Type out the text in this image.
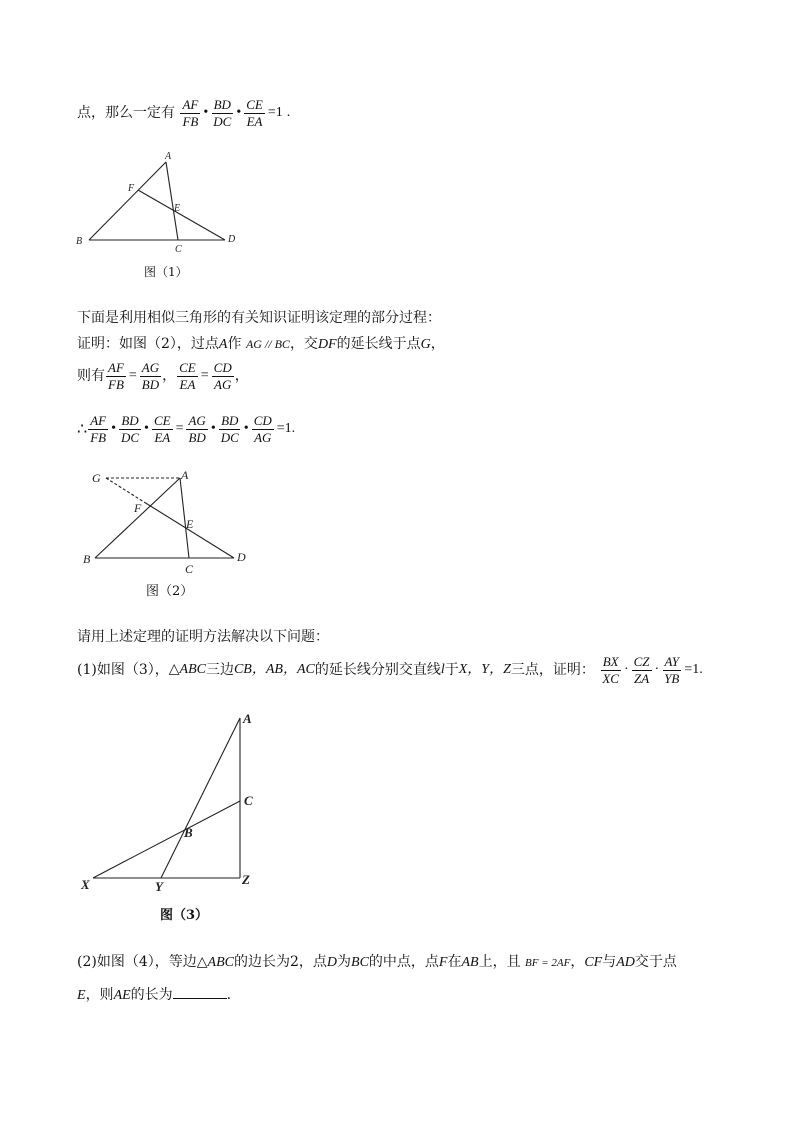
点，那么一定有 $\frac{AF}{FB}$ • $\frac{BD}{DC}$ • $\frac{CE}{EA} =1$ .
A
F
E
B
C
D
图（1）
下面是利用相似三角形的有关知识证明该定理的部分过程：
证明：如图（2），过点A作 AG // BC，交DF的延长线于点G，
则有 $\frac{AF}{FB} = \frac{AG}{BD}$ ， $\frac{CE}{EA} = \frac{CD}{AG}$ ，
∴ $\frac{AF}{FB}$ • $\frac{BD}{DC}$ • $\frac{CE}{EA} = \frac{AG}{BD}$ • $\frac{BD}{DC}$ • $\frac{CD}{AG} =1$.
G	A
F
E
B
C
D
图（2）
请用上述定理的证明方法解决以下问题：
(1)如图（3），△ABC三边CB，AB，AC的延长线分别交直线l于X，Y，Z三点，证明： $\frac{BX}{XC} \cdot \frac{CZ}{ZA} \cdot \frac{AY}{YB} =1$.
A
C
B
X	Y	Z
图（3）
(2)如图（4），等边△ABC的边长为2，点D为BC的中点，点F在AB上，且 BF = 2AF，CF与AD交于点
E，则AE的长为	.
